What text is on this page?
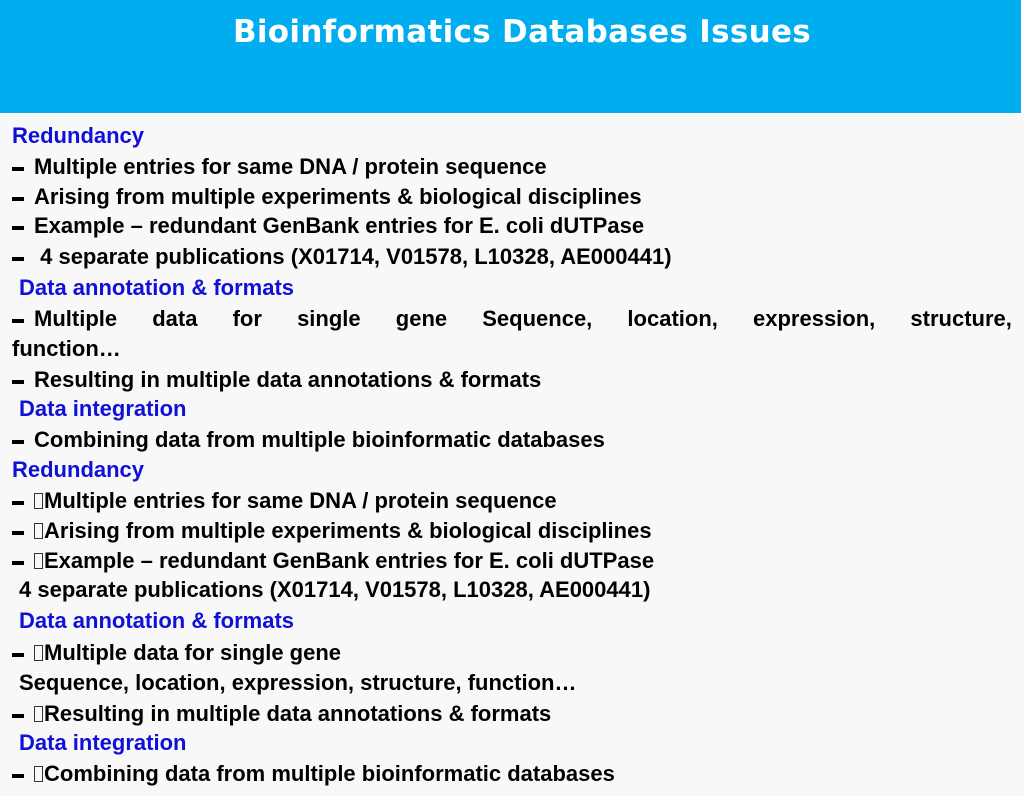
Bioinformatics Databases Issues
Redundancy
Multiple entries for same DNA / protein sequence
Arising from multiple experiments & biological disciplines
Example – redundant GenBank entries for E. coli dUTPase
4 separate publications (X01714, V01578, L10328, AE000441)
Data annotation & formats
Multiple data for single gene Sequence, location, expression, structure,
function…
Resulting in multiple data annotations & formats
Data integration
Combining data from multiple bioinformatic databases
Redundancy
Multiple entries for same DNA / protein sequence
Arising from multiple experiments & biological disciplines
Example – redundant GenBank entries for E. coli dUTPase
4 separate publications (X01714, V01578, L10328, AE000441)
Data annotation & formats
Multiple data for single gene
Sequence, location, expression, structure, function…
Resulting in multiple data annotations & formats
Data integration
Combining data from multiple bioinformatic databases
